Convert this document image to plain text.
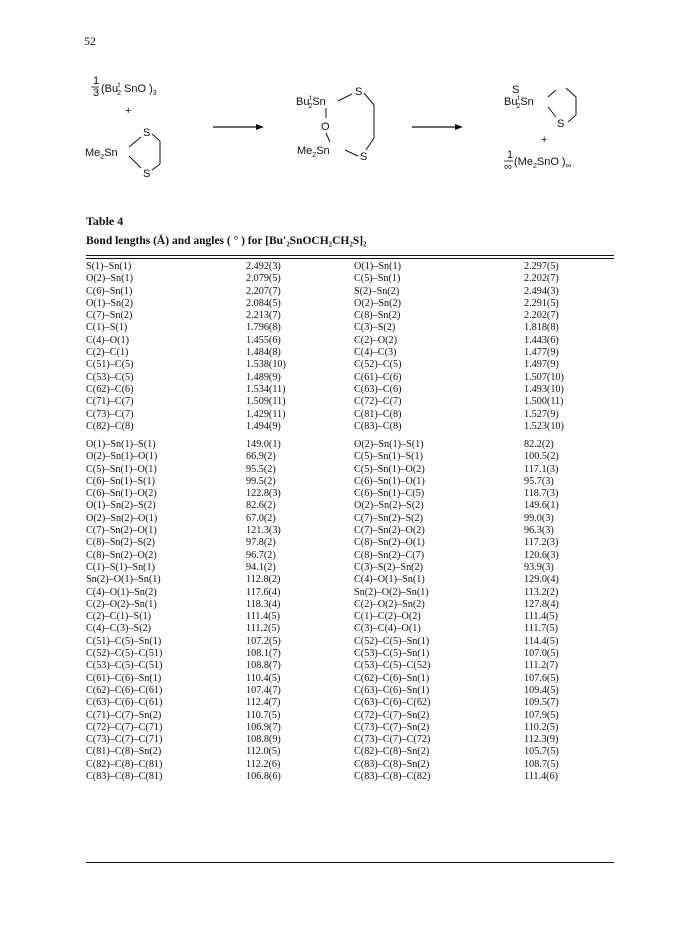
52
1
3 (Bu$^t$ 2 SnO )$_3$
+
$Me_2Sn$
S
S
Bu$^t$ 2Sn
S
O
$Me_2Sn$	S
S
Bu$^t$ 2Sn
S
+
1
∞ ($Me_2SnO$ )$_\infty$
Table 4
Bond lengths (Å) and angles ( ° ) for [Bu'₂SnOCH₂CH₂S]₂
S(1)–Sn(1)	2.492(3)	O(1)–Sn(1)	2.297(5)
O(2)–Sn(1)	2.079(5)	C(5)–Sn(1)	2.202(7)
C(6)–Sn(1)	2.207(7)	S(2)–Sn(2)	2.494(3)
O(1)–Sn(2)	2.084(5)	O(2)–Sn(2)	2.291(5)
C(7)–Sn(2)	2.213(7)	C(8)–Sn(2)	2.202(7)
C(1)–S(1)	1.796(8)	C(3)–S(2)	1.818(8)
C(4)–O(1)	1.455(6)	C(2)–O(2)	1.443(6)
C(2)–C(1)	1.484(8)	C(4)–C(3)	1.477(9)
C(51)–C(5)	1.538(10)	C(52)–C(5)	1.497(9)
C(53)–C(5)	1.489(9)	C(61)–C(6)	1.507(10)
C(62)–C(6)	1.534(11)	C(63)–C(6)	1.493(10)
C(71)–C(7)	1.509(11)	C(72)–C(7)	1.500(11)
C(73)–C(7)	1.429(11)	C(81)–C(8)	1.527(9)
C(82)–C(8)	1.494(9)	C(83)–C(8)	1.523(10)
O(1)–Sn(1)–S(1)	149.0(1)	O(2)–Sn(1)–S(1)	82.2(2)
O(2)–Sn(1)–O(1)	66.9(2)	C(5)–Sn(1)–S(1)	100.5(2)
C(5)–Sn(1)–O(1)	95.5(2)	C(5)–Sn(1)–O(2)	117.1(3)
C(6)–Sn(1)–S(1)	99.5(2)	C(6)–Sn(1)–O(1)	95.7(3)
C(6)–Sn(1)–O(2)	122.8(3)	C(6)–Sn(1)–C(5)	118.7(3)
O(1)–Sn(2)–S(2)	82.6(2)	O(2)–Sn(2)–S(2)	149.6(1)
O(2)–Sn(2)–O(1)	67.0(2)	C(7)–Sn(2)–S(2)	99.0(3)
C(7)–Sn(2)–O(1)	121.3(3)	C(7)–Sn(2)–O(2)	96.3(3)
C(8)–Sn(2)–S(2)	97.8(2)	C(8)–Sn(2)–O(1)	117.2(3)
C(8)–Sn(2)–O(2)	96.7(2)	C(8)–Sn(2)–C(7)	120.6(3)
C(1)–S(1)–Sn(1)	94.1(2)	C(3)–S(2)–Sn(2)	93.9(3)
Sn(2)–O(1)–Sn(1)	112.8(2)	C(4)–O(1)–Sn(1)	129.0(4)
C(4)–O(1)–Sn(2)	117.6(4)	Sn(2)–O(2)–Sn(1)	113.2(2)
C(2)–O(2)–Sn(1)	118.3(4)	C(2)–O(2)–Sn(2)	127.8(4)
C(2)–C(1)–S(1)	111.4(5)	C(1)–C(2)–O(2)	111.4(5)
C(4)–C(3)–S(2)	111.2(5)	C(3)–C(4)–O(1)	111.7(5)
C(51)–C(5)–Sn(1)	107.2(5)	C(52)–C(5)–Sn(1)	114.4(5)
C(52)–C(5)–C(51)	108.1(7)	C(53)–C(5)–Sn(1)	107.0(5)
C(53)–C(5)–C(51)	108.8(7)	C(53)–C(5)–C(52)	111.2(7)
C(61)–C(6)–Sn(1)	110.4(5)	C(62)–C(6)–Sn(1)	107.6(5)
C(62)–C(6)–C(61)	107.4(7)	C(63)–C(6)–Sn(1)	109.4(5)
C(63)–C(6)–C(61)	112.4(7)	C(63)–C(6)–C(62)	109.5(7)
C(71)–C(7)–Sn(2)	110.7(5)	C(72)–C(7)–Sn(2)	107.9(5)
C(72)–C(7)–C(71)	106.9(7)	C(73)–C(7)–Sn(2)	110.2(5)
C(73)–C(7)–C(71)	108.8(9)	C(73)–C(7)–C(72)	112.3(9)
C(81)–C(8)–Sn(2)	112.0(5)	C(82)–C(8)–Sn(2)	105.7(5)
C(82)–C(8)–C(81)	112.2(6)	C(83)–C(8)–Sn(2)	108.7(5)
C(83)–C(8)–C(81)	106.8(6)	C(83)–C(8)–C(82)	111.4(6)
